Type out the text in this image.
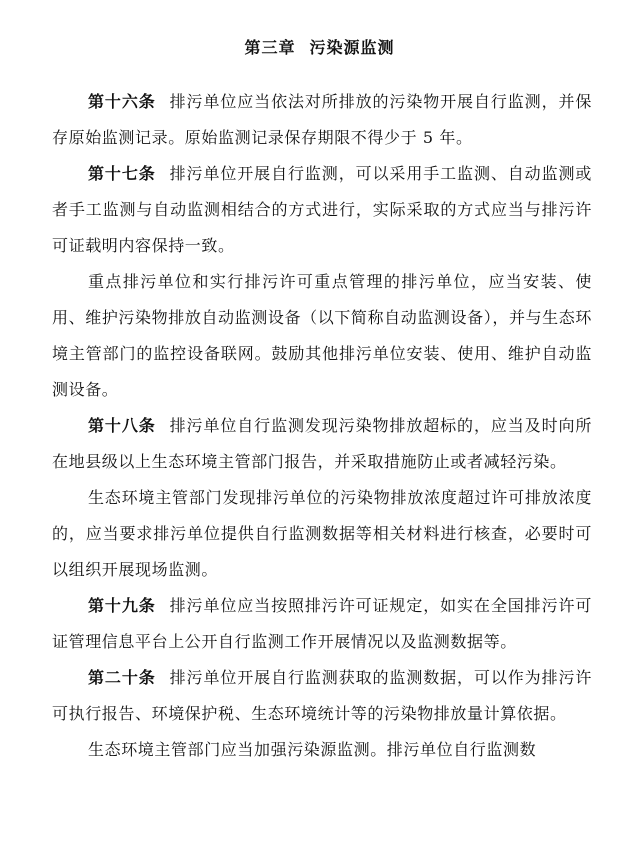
第三章 污染源监测

第十六条 排污单位应当依法对所排放的污染物开展自行监测，并保存原始监测记录。原始监测记录保存期限不得少于 5 年。

第十七条 排污单位开展自行监测，可以采用手工监测、自动监测或者手工监测与自动监测相结合的方式进行，实际采取的方式应当与排污许可证载明内容保持一致。

重点排污单位和实行排污许可重点管理的排污单位，应当安装、使用、维护污染物排放自动监测设备（以下简称自动监测设备），并与生态环境主管部门的监控设备联网。鼓励其他排污单位安装、使用、维护自动监测设备。

第十八条 排污单位自行监测发现污染物排放超标的，应当及时向所在地县级以上生态环境主管部门报告，并采取措施防止或者减轻污染。

生态环境主管部门发现排污单位的污染物排放浓度超过许可排放浓度的，应当要求排污单位提供自行监测数据等相关材料进行核查，必要时可以组织开展现场监测。

第十九条 排污单位应当按照排污许可证规定，如实在全国排污许可证管理信息平台上公开自行监测工作开展情况以及监测数据等。

第二十条 排污单位开展自行监测获取的监测数据，可以作为排污许可执行报告、环境保护税、生态环境统计等的污染物排放量计算依据。

生态环境主管部门应当加强污染源监测。排污单位自行监测数
